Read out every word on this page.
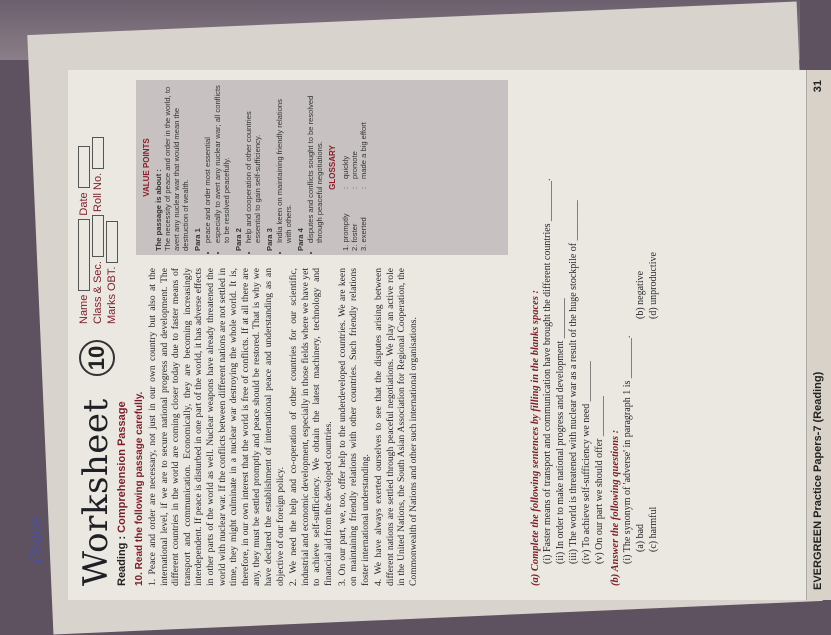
Worksheet
10
Name Date
Class & Sec. Roll No.
Marks OBT.
Reading : Comprehension Passage 10. Read the following passage carefully. 1. Peace and order are necessary, not just in our own country but also at the international level, if we are to secure national progress and development. The different countries in the world are coming closer today due to faster means of transport and communication. Economically, they are becoming increasingly interdependent. If peace is disturbed in one part of the world, it has adverse effects in other parts of the world as well. Nuclear weapons have already threatened the world with nuclear war. If the conflicts between different nations are not settled in time, they might culminate in a nuclear war destroying the whole world. It is, therefore, in our own interest that the world is free of conflicts. If at all there are any, they must be settled promptly and peace should be restored. That is why we have declared the establishment of international peace and understanding as an objective of our foreign policy. 2. We need the help and co-operation of other countries for our scientific, industrial and economic development, especially in those fields where we have yet to achieve self-sufficiency. We obtain the latest machinery, technology and financial aid from the developed countries. 3. On our part, we, too, offer help to the underdeveloped countries. We are keen on maintaining friendly relations with other countries. Such friendly relations foster international understanding. 4. We have always exerted ourselves to see that the disputes arising between different nations are settled through peaceful negotiations. We play an active role in the United Nations, the South Asian Association for Regional Cooperation, the Commonwealth of Nations and other such international organisations.

VALUE POINTS
The passage is about : The necessity of peace and order in the world, to avert any nuclear war that would mean the destruction of wealth. Para 1 • peace and order most essential • especially to avert any nuclear war; all conflicts to be resolved peacefully. Para 2 • help and cooperation of other countries essential to gain self-sufficiency. Para 3 • India keen on maintaining friendly relations with others. Para 4 • disputes and conflicts sought to be resolved through peaceful negotiations. GLOSSARY
1. promptly
:
quickly
2. foster
:
promote
3. exerted
:
made a big effort
(a) Complete the following sentences by filling in the blanks spaces : (i) Faster means of transport and communication have brought the different countries ________. (ii) In order to make national progress and development ________ (iii) The world is threatened with nuclear war as a result of the huge stockpile of ________ (iv) To achieve self-sufficiency we need ________ (v) On our part we should offer ________ (b) Answer the following questions : (i) The synonym of 'adverse' in paragraph 1 is ________. (a) bad
(b) negative
(c) harmful
(d) unproductive
EVERGREEN Practice Papers-7 (Reading)
31
Peace
